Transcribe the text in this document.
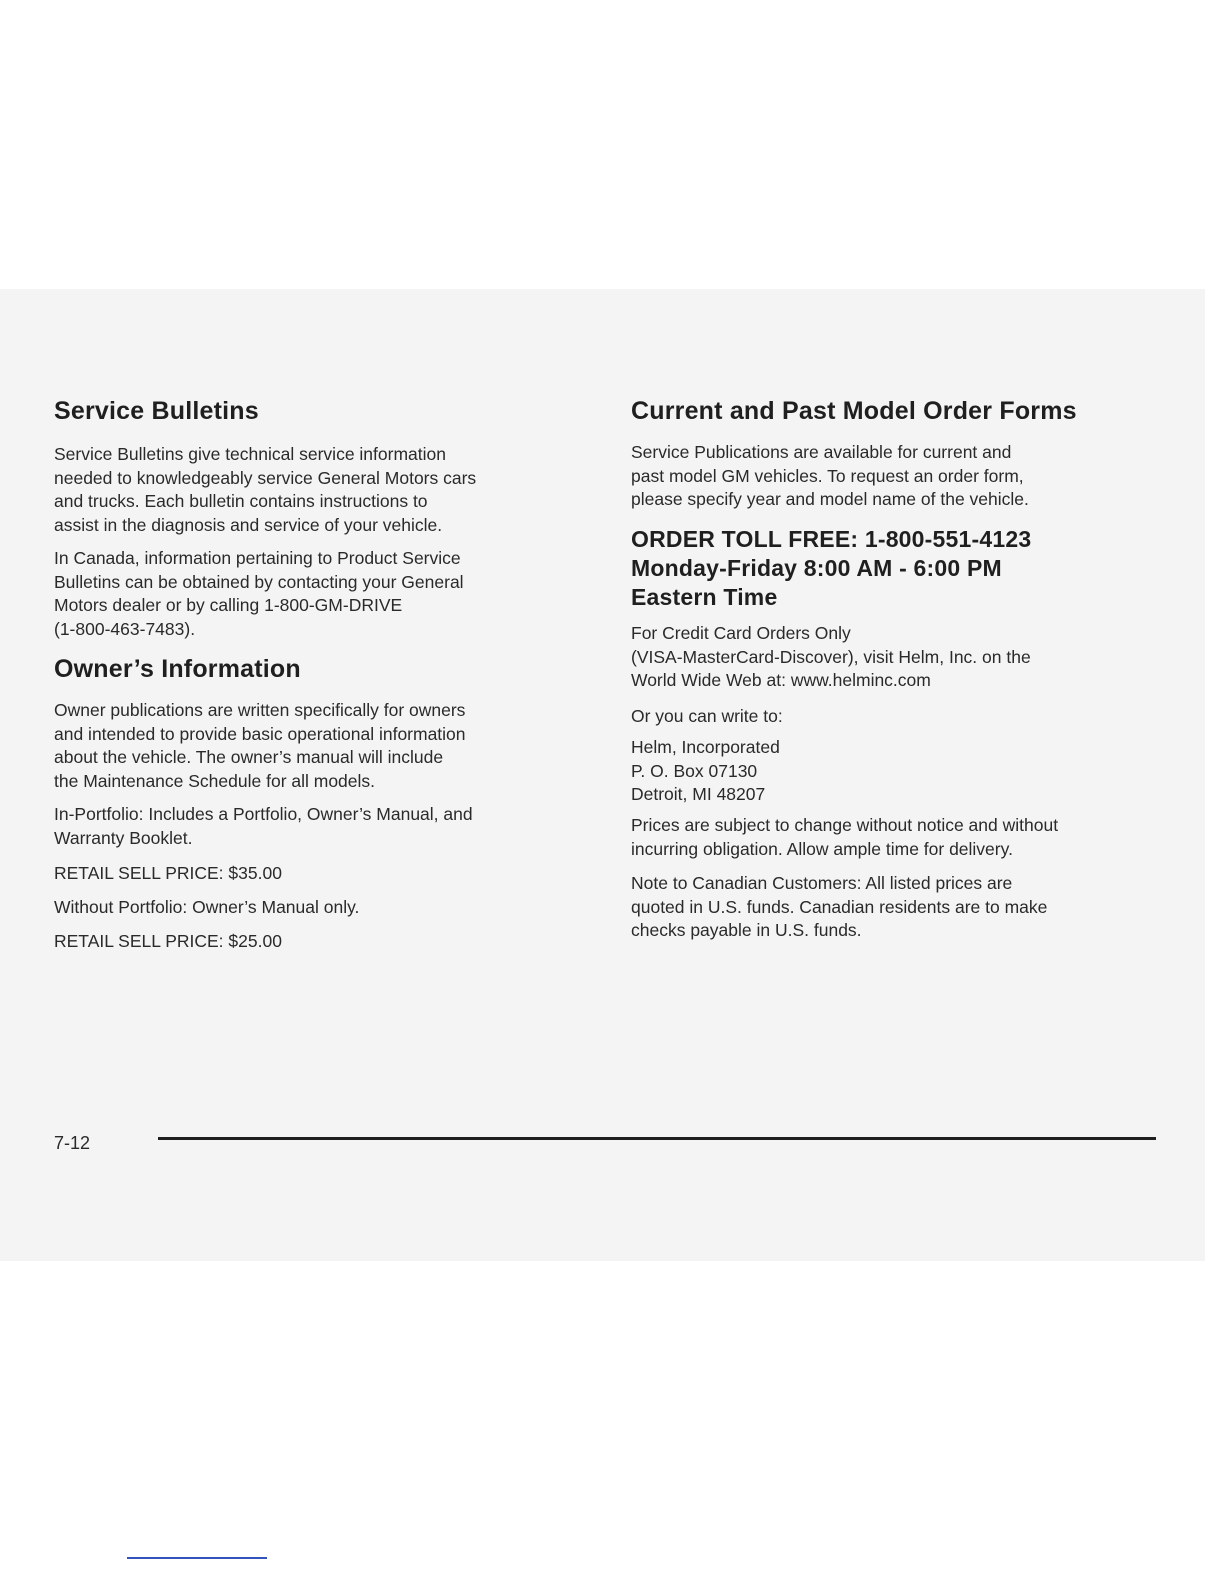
Service Bulletins

Service Bulletins give technical service information
needed to knowledgeably service General Motors cars
and trucks. Each bulletin contains instructions to
assist in the diagnosis and service of your vehicle.

In Canada, information pertaining to Product Service
Bulletins can be obtained by contacting your General
Motors dealer or by calling 1-800-GM-DRIVE
(1-800-463-7483).

Owner’s Information

Owner publications are written specifically for owners
and intended to provide basic operational information
about the vehicle. The owner’s manual will include
the Maintenance Schedule for all models.

In-Portfolio: Includes a Portfolio, Owner’s Manual, and
Warranty Booklet.

RETAIL SELL PRICE: $35.00

Without Portfolio: Owner’s Manual only.

RETAIL SELL PRICE: $25.00

Current and Past Model Order Forms

Service Publications are available for current and
past model GM vehicles. To request an order form,
please specify year and model name of the vehicle.

ORDER TOLL FREE: 1-800-551-4123
Monday-Friday 8:00 AM - 6:00 PM
Eastern Time

For Credit Card Orders Only
(VISA-MasterCard-Discover), visit Helm, Inc. on the
World Wide Web at: www.helminc.com

Or you can write to:

Helm, Incorporated
P. O. Box 07130
Detroit, MI 48207

Prices are subject to change without notice and without
incurring obligation. Allow ample time for delivery.

Note to Canadian Customers: All listed prices are
quoted in U.S. funds. Canadian residents are to make
checks payable in U.S. funds.

7-12
